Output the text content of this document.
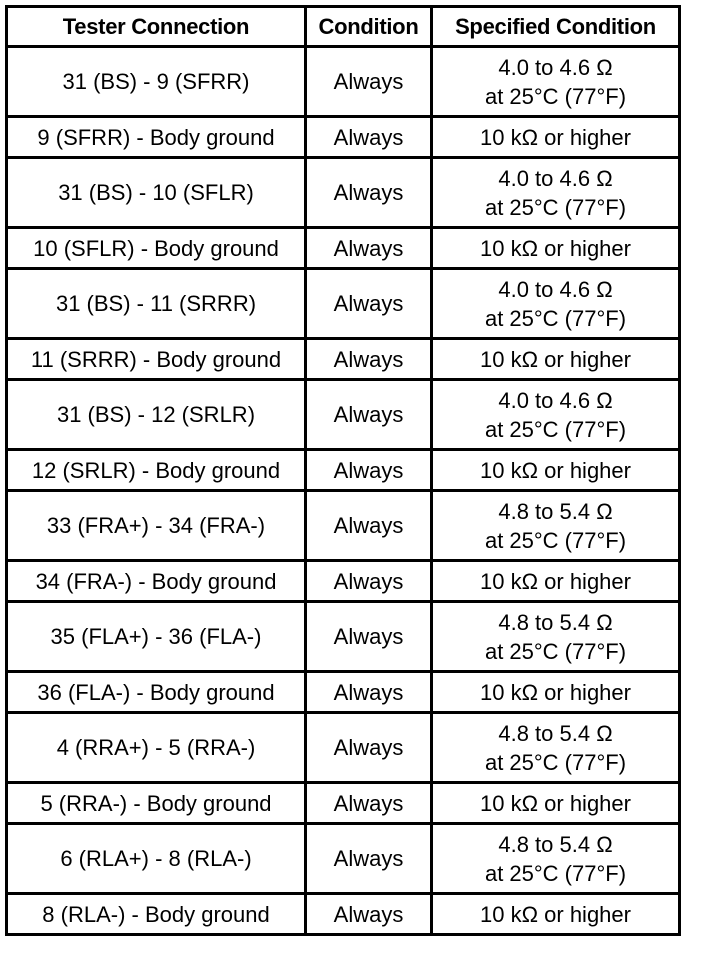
Tester Connection	Condition	Specified Condition
31 (BS) - 9 (SFRR)	Always	4.0 to 4.6 Ω
at 25°C (77°F)

9 (SFRR) - Body ground	Always	10 kΩ or higher

31 (BS) - 10 (SFLR)	Always	4.0 to 4.6 Ω
at 25°C (77°F)

10 (SFLR) - Body ground	Always	10 kΩ or higher

31 (BS) - 11 (SRRR)	Always	4.0 to 4.6 Ω
at 25°C (77°F)

11 (SRRR) - Body ground	Always	10 kΩ or higher

31 (BS) - 12 (SRLR)	Always	4.0 to 4.6 Ω
at 25°C (77°F)

12 (SRLR) - Body ground	Always	10 kΩ or higher

33 (FRA+) - 34 (FRA-)	Always	4.8 to 5.4 Ω
at 25°C (77°F)

34 (FRA-) - Body ground	Always	10 kΩ or higher

35 (FLA+) - 36 (FLA-)	Always	4.8 to 5.4 Ω
at 25°C (77°F)

36 (FLA-) - Body ground	Always	10 kΩ or higher

4 (RRA+) - 5 (RRA-)	Always	4.8 to 5.4 Ω
at 25°C (77°F)

5 (RRA-) - Body ground	Always	10 kΩ or higher

6 (RLA+) - 8 (RLA-)	Always	4.8 to 5.4 Ω
at 25°C (77°F)

8 (RLA-) - Body ground	Always	10 kΩ or higher
